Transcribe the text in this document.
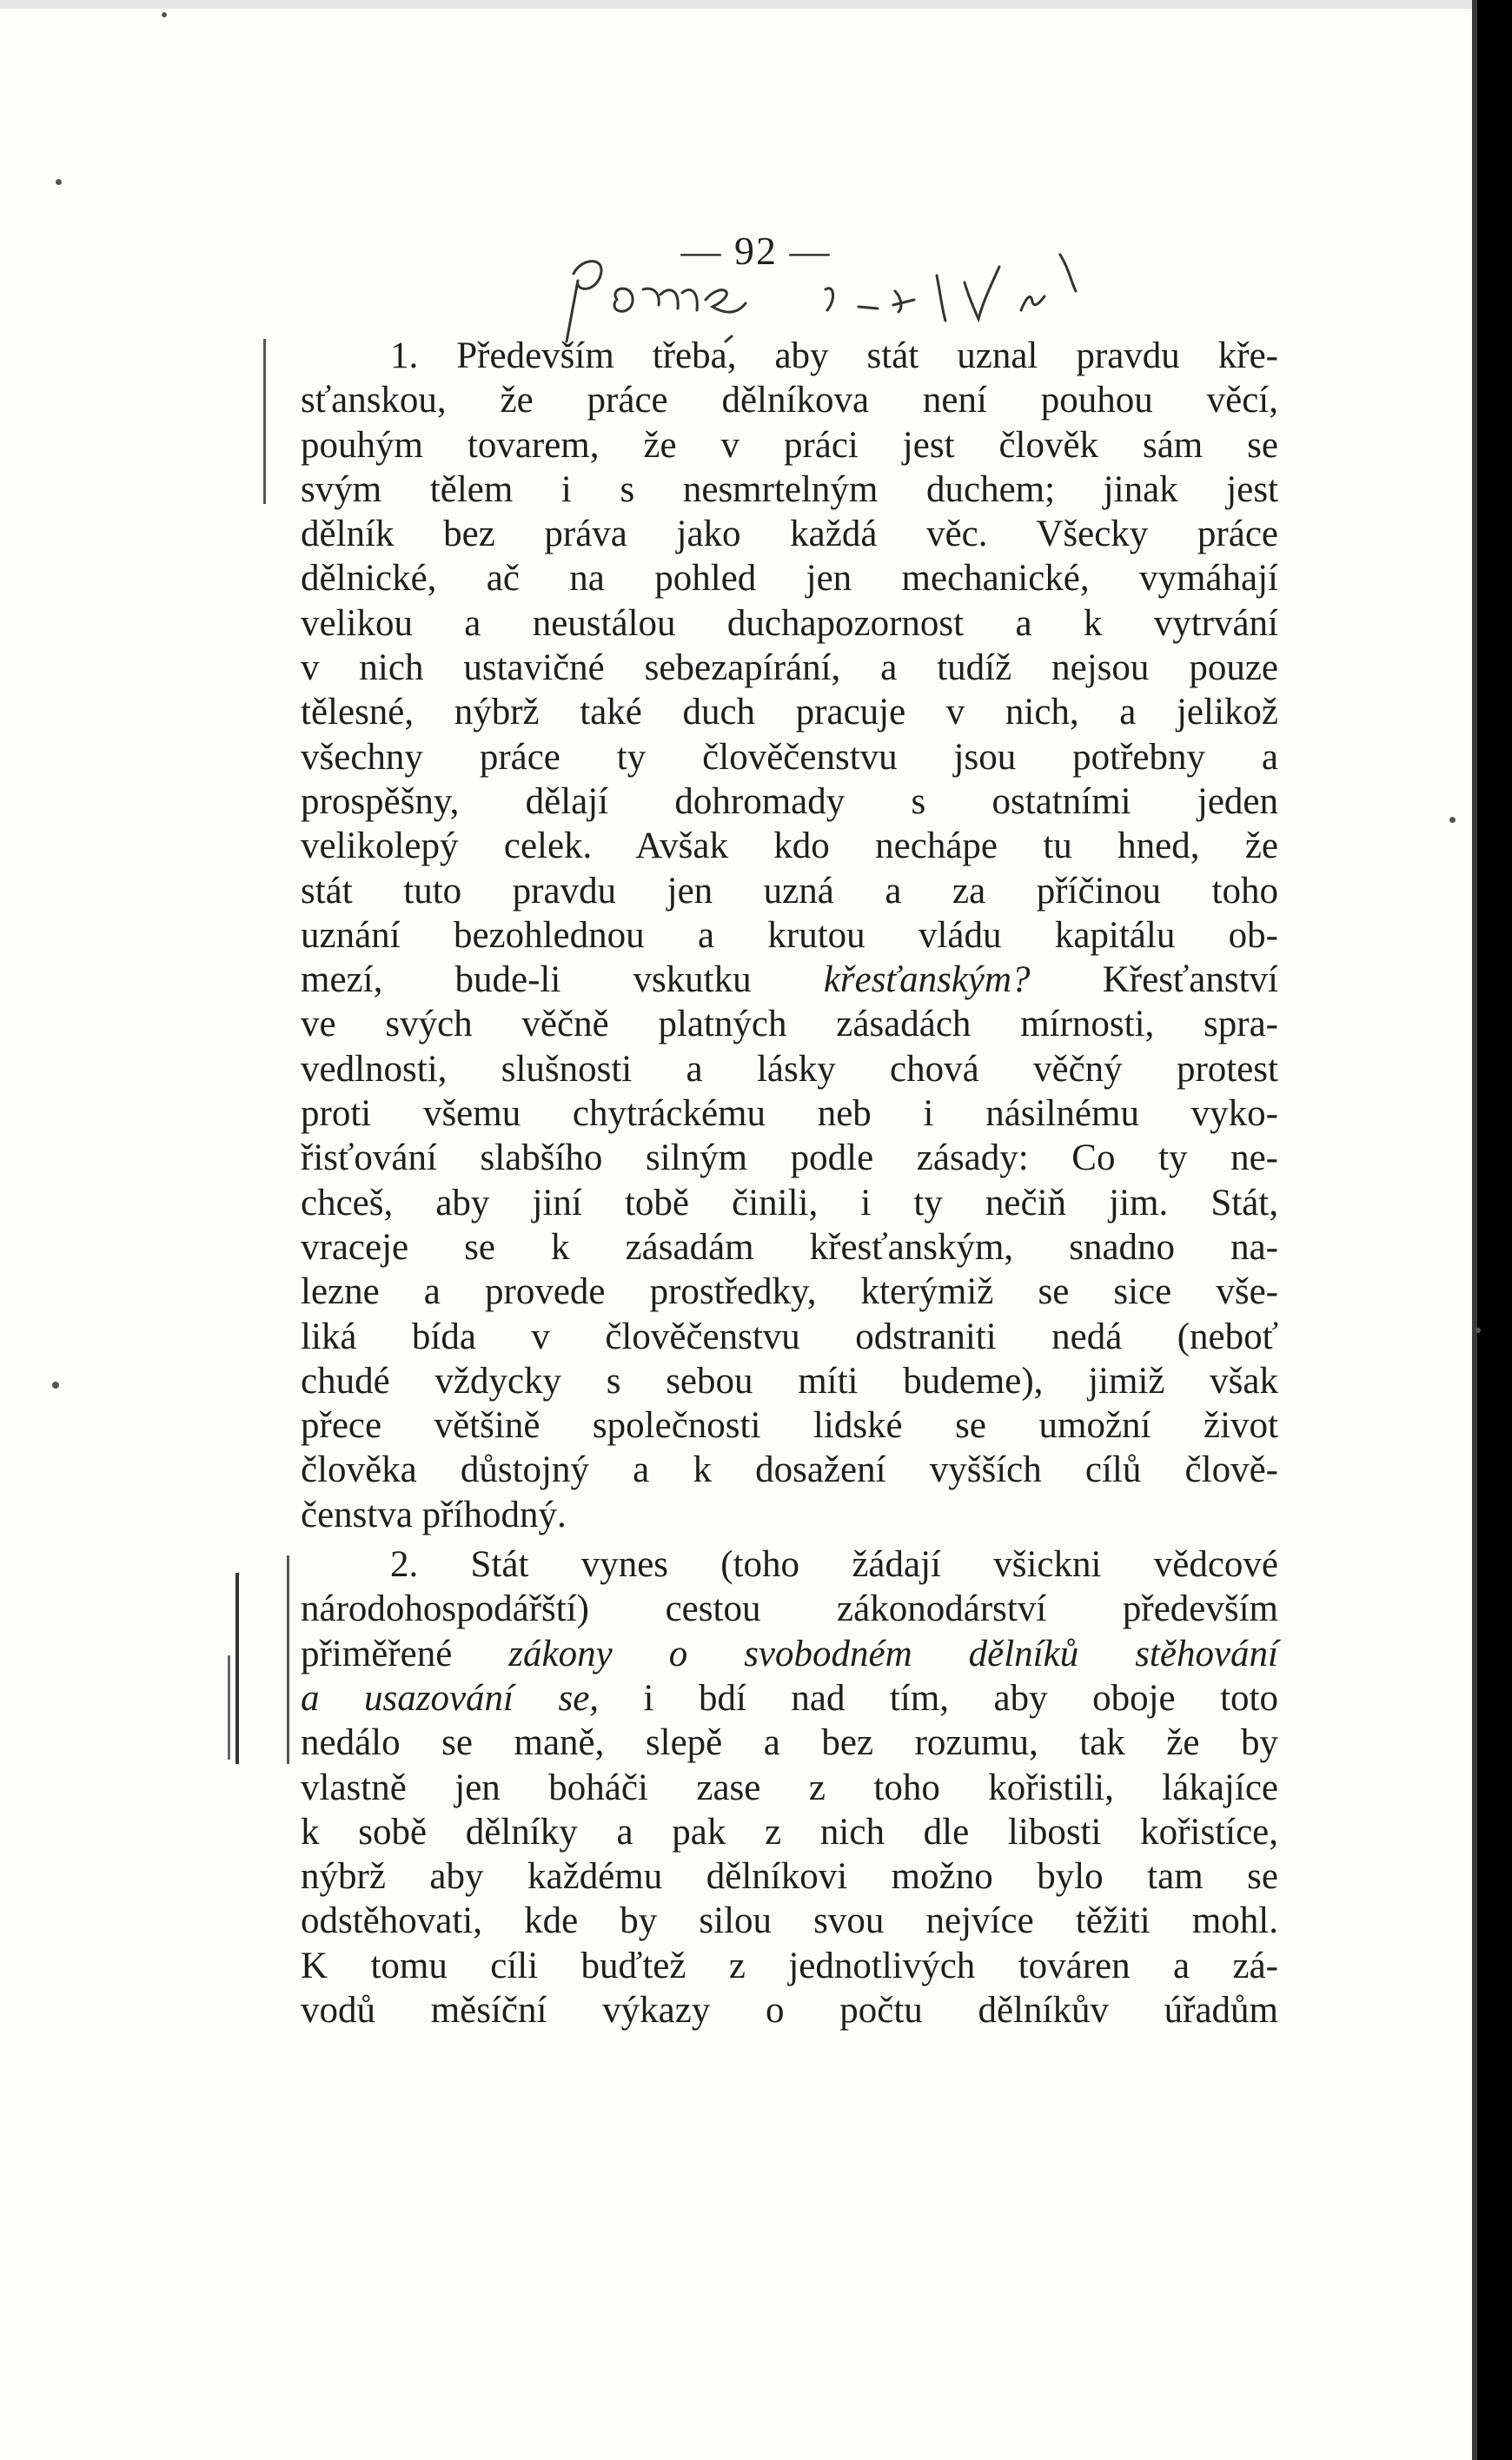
— 92 —
1. Především třeba, aby stát uznal pravdu kře-
sťanskou, že práce dělníkova není pouhou věcí,
pouhým tovarem, že v práci jest člověk sám se
svým tělem i s nesmrtelným duchem; jinak jest
dělník bez práva jako každá věc. Všecky práce
dělnické, ač na pohled jen mechanické, vymáhají
velikou a neustálou duchapozornost a k vytrvání
v nich ustavičné sebezapírání, a tudíž nejsou pouze
tělesné, nýbrž také duch pracuje v nich, a jelikož
všechny práce ty člověčenstvu jsou potřebny a
prospěšny, dělají dohromady s ostatními jeden
velikolepý celek. Avšak kdo nechápe tu hned, že
stát tuto pravdu jen uzná a za příčinou toho
uznání bezohlednou a krutou vládu kapitálu ob-
mezí, bude-li vskutku křesťanským? Křesťanství
ve svých věčně platných zásadách mírnosti, spra-
vedlnosti, slušnosti a lásky chová věčný protest
proti všemu chytráckému neb i násilnému vyko-
řisťování slabšího silným podle zásady: Co ty ne-
chceš, aby jiní tobě činili, i ty nečiň jim. Stát,
vraceje se k zásadám křesťanským, snadno na-
lezne a provede prostředky, kterýmiž se sice vše-
liká bída v člověčenstvu odstraniti nedá (neboť
chudé vždycky s sebou míti budeme), jimiž však
přece většině společnosti lidské se umožní život
člověka důstojný a k dosažení vyšších cílů člově-
čenstva příhodný.
2. Stát vynes (toho žádají všickni vědcové
národohospodářští) cestou zákonodárství především
přiměřené zákony o svobodném dělníků stěhování
a usazování se, i bdí nad tím, aby oboje toto
nedálo se maně, slepě a bez rozumu, tak že by
vlastně jen boháči zase z toho kořistili, lákajíce
k sobě dělníky a pak z nich dle libosti kořistíce,
nýbrž aby každému dělníkovi možno bylo tam se
odstěhovati, kde by silou svou nejvíce těžiti mohl.
K tomu cíli buďtež z jednotlivých továren a zá-
vodů měsíční výkazy o počtu dělníkův úřadům
